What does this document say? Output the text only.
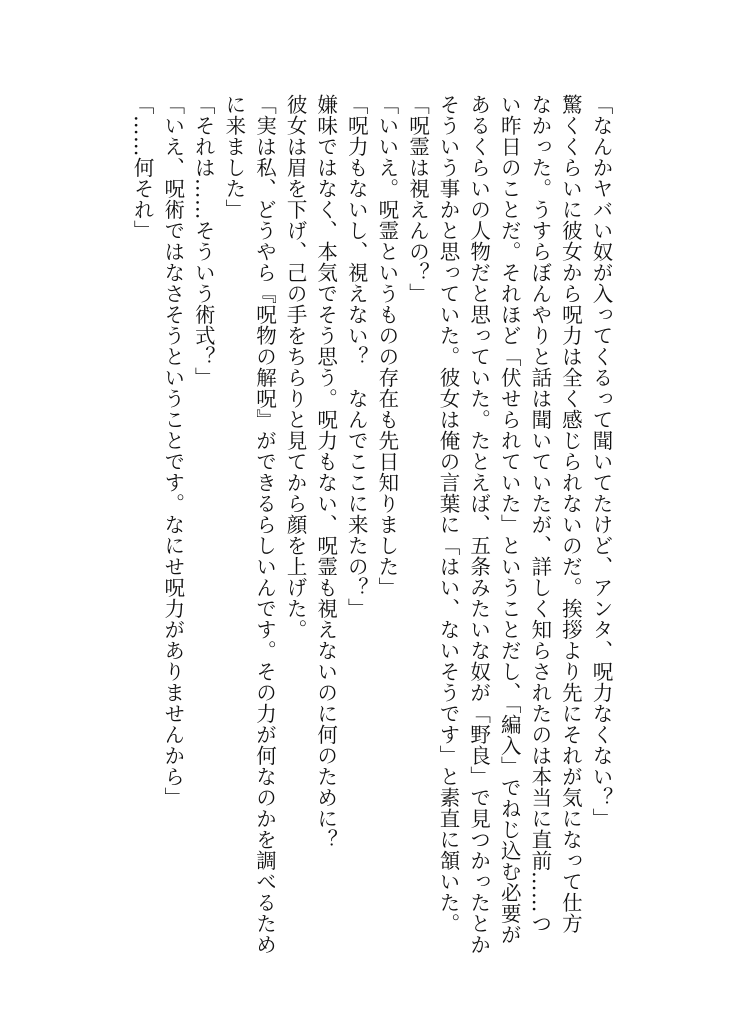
「なんかヤバい奴が入ってくるって聞いてたけど、アンタ、呪力なくない？」

驚くくらいに彼女から呪力は全く感じられないのだ。挨拶より先にそれが気になって仕方

なかった。うすらぼんやりと話は聞いていたが、詳しく知らされたのは本当に直前……つ

い昨日のことだ。それほど「伏せられていた」ということだし、「編入」でねじ込む必要が

あるくらいの人物だと思っていた。たとえば、五条みたいな奴が「野良」で見つかったとか

そういう事かと思っていた。彼女は俺の言葉に「はい、ないそうです」と素直に頷いた。

「呪霊は視えんの？」

「いいえ。呪霊というものの存在も先日知りました」

「呪力もないし、視えない？　なんでここに来たの？」

嫌味ではなく、本気でそう思う。呪力もない、呪霊も視えないのに何のために？

彼女は眉を下げ、己の手をちらりと見てから顔を上げた。

「実は私、どうやら『呪物の解呪』ができるらしいんです。その力が何なのかを調べるため

に来ました」

「それは……そういう術式？」

「いえ、呪術ではなさそうということです。なにせ呪力がありませんから」

「……何それ」
